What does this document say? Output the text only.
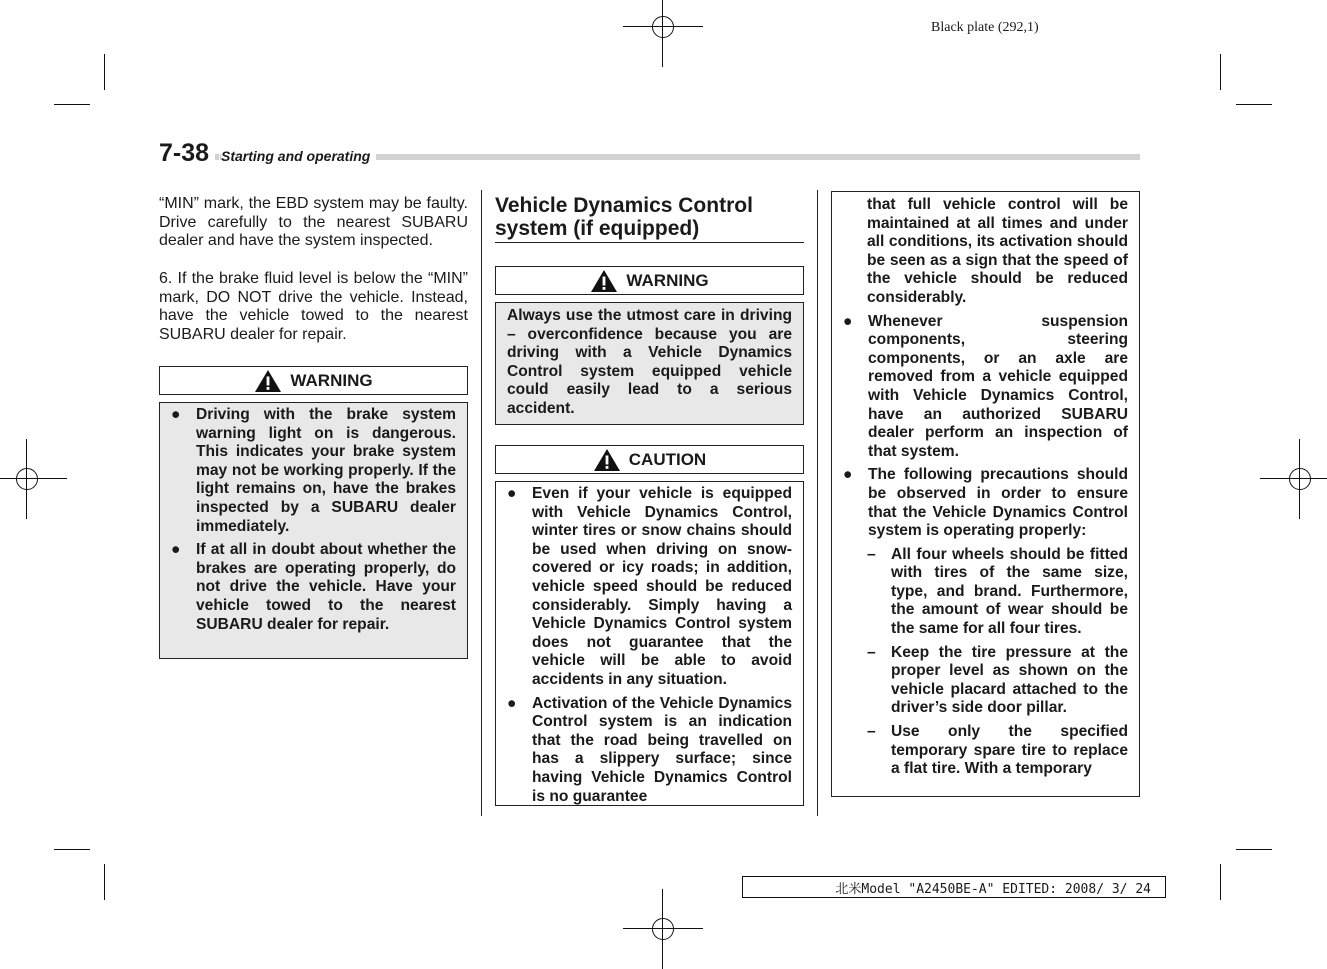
Black plate (292,1)
7-38 Starting and operating
“MIN” mark, the EBD system may be faulty. Drive carefully to the nearest SUBARU dealer and have the system inspected.
6. If the brake fluid level is below the “MIN” mark, DO NOT drive the vehicle. Instead, have the vehicle towed to the nearest SUBARU dealer for repair.
WARNING
● Driving with the brake system warning light on is dangerous. This indicates your brake system may not be working properly. If the light remains on, have the brakes inspected by a SUBARU dealer immediately.
● If at all in doubt about whether the brakes are operating properly, do not drive the vehicle. Have your vehicle towed to the nearest SUBARU dealer for repair.
Vehicle Dynamics Control
system (if equipped)
WARNING
Always use the utmost care in driving – overconfidence because you are driving with a Vehicle Dynamics Control system equipped vehicle could easily lead to a serious accident.
CAUTION
● Even if your vehicle is equipped with Vehicle Dynamics Control, winter tires or snow chains should be used when driving on snow-covered or icy roads; in addition, vehicle speed should be reduced considerably. Simply having a Vehicle Dynamics Control system does not guarantee that the vehicle will be able to avoid accidents in any situation.
● Activation of the Vehicle Dynamics Control system is an indication that the road being travelled on has a slippery surface; since having Vehicle Dynamics Control is no guarantee
that full vehicle control will be maintained at all times and under all conditions, its activation should be seen as a sign that the speed of the vehicle should be reduced considerably.
● Whenever suspension components, steering components, or an axle are removed from a vehicle equipped with Vehicle Dynamics Control, have an authorized SUBARU dealer perform an inspection of that system.
● The following precautions should be observed in order to ensure that the Vehicle Dynamics Control system is operating properly:
– All four wheels should be fitted with tires of the same size, type, and brand. Furthermore, the amount of wear should be the same for all four tires.
– Keep the tire pressure at the proper level as shown on the vehicle placard attached to the driver’s side door pillar.
– Use only the specified temporary spare tire to replace a flat tire. With a temporary
北米Model "A2450BE-A" EDITED: 2008/ 3/ 24
